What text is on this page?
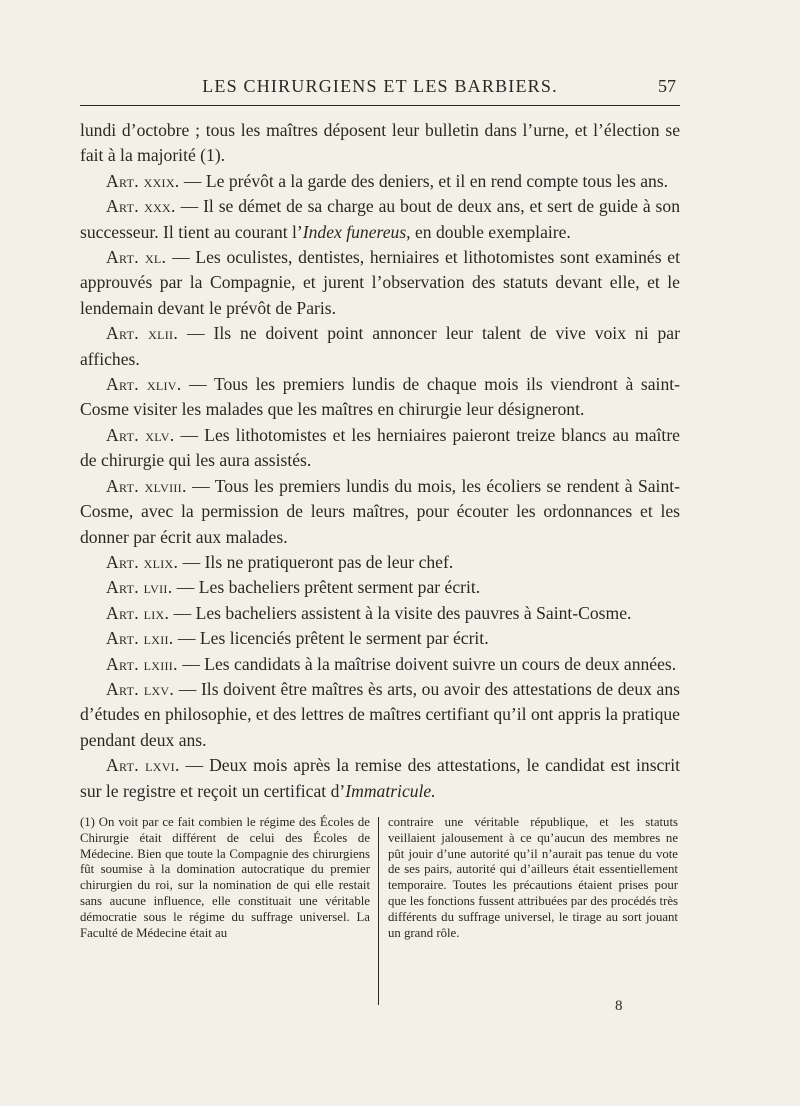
LES CHIRURGIENS ET LES BARBIERS.	57

lundi d’octobre ; tous les maîtres déposent leur bulletin dans l’urne, et l’élection se fait à la majorité (1).

Art. xxix. — Le prévôt a la garde des deniers, et il en rend compte tous les ans.

Art. xxx. — Il se démet de sa charge au bout de deux ans, et sert de guide à son successeur. Il tient au courant l’Index funereus, en double exemplaire.

Art. xl. — Les oculistes, dentistes, herniaires et lithotomistes sont examinés et approuvés par la Compagnie, et jurent l’observation des statuts devant elle, et le lendemain devant le prévôt de Paris.

Art. xlii. — Ils ne doivent point annoncer leur talent de vive voix ni par affiches.

Art. xliv. — Tous les premiers lundis de chaque mois ils viendront à saint-Cosme visiter les malades que les maîtres en chirurgie leur désigneront.

Art. xlv. — Les lithotomistes et les herniaires paieront treize blancs au maître de chirurgie qui les aura assistés.

Art. xlviii. — Tous les premiers lundis du mois, les écoliers se rendent à Saint-Cosme, avec la permission de leurs maîtres, pour écouter les ordonnances et les donner par écrit aux malades.

Art. xlix. — Ils ne pratiqueront pas de leur chef.

Art. lvii. — Les bacheliers prêtent serment par écrit.

Art. lix. — Les bacheliers assistent à la visite des pauvres à Saint-Cosme.

Art. lxii. — Les licenciés prêtent le serment par écrit.

Art. lxiii. — Les candidats à la maîtrise doivent suivre un cours de deux années.

Art. lxv. — Ils doivent être maîtres ès arts, ou avoir des attestations de deux ans d’études en philosophie, et des lettres de maîtres certifiant qu’il ont appris la pratique pendant deux ans.

Art. lxvi. — Deux mois après la remise des attestations, le candidat est inscrit sur le registre et reçoit un certificat d’Immatricule.

(1) On voit par ce fait combien le régime des Écoles de Chirurgie était différent de celui des Écoles de Médecine. Bien que toute la Compagnie des chirurgiens fût soumise à la domination autocratique du premier chirurgien du roi, sur la nomination de qui elle restait sans aucune influence, elle constituait une véritable démocratie sous le régime du suffrage universel. La Faculté de Médecine était au
contraire une véritable république, et les statuts veillaient jalousement à ce qu’aucun des membres ne pût jouir d’une autorité qu’il n’aurait pas tenue du vote de ses pairs, autorité qui d’ailleurs était essentiellement temporaire. Toutes les précautions étaient prises pour que les fonctions fussent attribuées par des procédés très différents du suffrage universel, le tirage au sort jouant un grand rôle.
8
